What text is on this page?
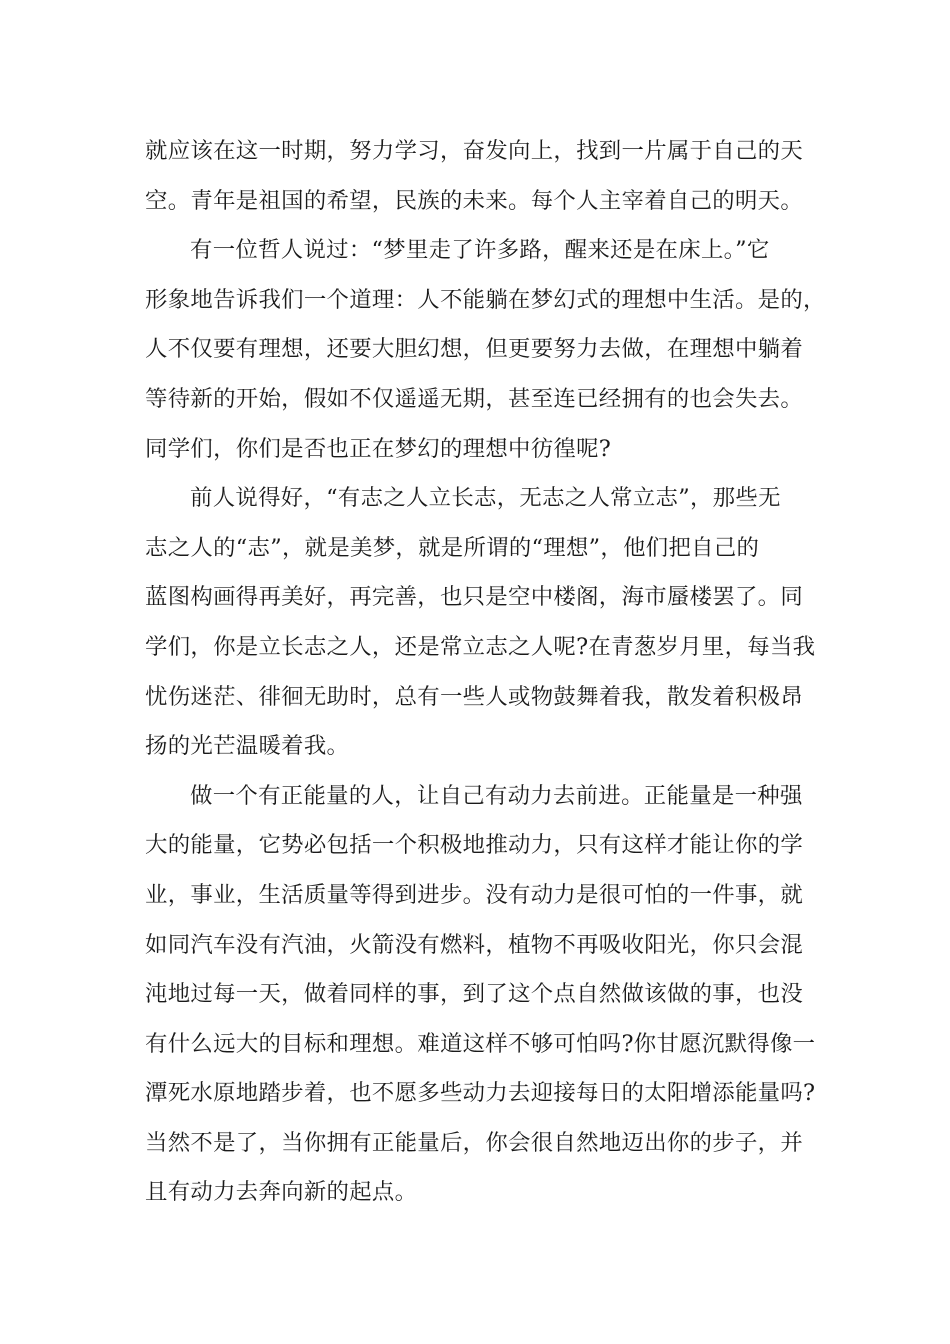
就应该在这一时期，努力学习，奋发向上，找到一片属于自己的天
空。青年是祖国的希望，民族的未来。每个人主宰着自己的明天。
有一位哲人说过：“梦里走了许多路，醒来还是在床上。”它
形象地告诉我们一个道理：人不能躺在梦幻式的理想中生活。是的，
人不仅要有理想，还要大胆幻想，但更要努力去做，在理想中躺着
等待新的开始，假如不仅遥遥无期，甚至连已经拥有的也会失去。
同学们，你们是否也正在梦幻的理想中彷徨呢?
前人说得好，“有志之人立长志，无志之人常立志”，那些无
志之人的“志”，就是美梦，就是所谓的“理想”，他们把自己的
蓝图构画得再美好，再完善，也只是空中楼阁，海市蜃楼罢了。同
学们，你是立长志之人，还是常立志之人呢?在青葱岁月里，每当我
忧伤迷茫、徘徊无助时，总有一些人或物鼓舞着我，散发着积极昂
扬的光芒温暖着我。
做一个有正能量的人，让自己有动力去前进。正能量是一种强
大的能量，它势必包括一个积极地推动力，只有这样才能让你的学
业，事业，生活质量等得到进步。没有动力是很可怕的一件事，就
如同汽车没有汽油，火箭没有燃料，植物不再吸收阳光，你只会混
沌地过每一天，做着同样的事，到了这个点自然做该做的事，也没
有什么远大的目标和理想。难道这样不够可怕吗?你甘愿沉默得像一
潭死水原地踏步着，也不愿多些动力去迎接每日的太阳增添能量吗?
当然不是了，当你拥有正能量后，你会很自然地迈出你的步子，并
且有动力去奔向新的起点。
